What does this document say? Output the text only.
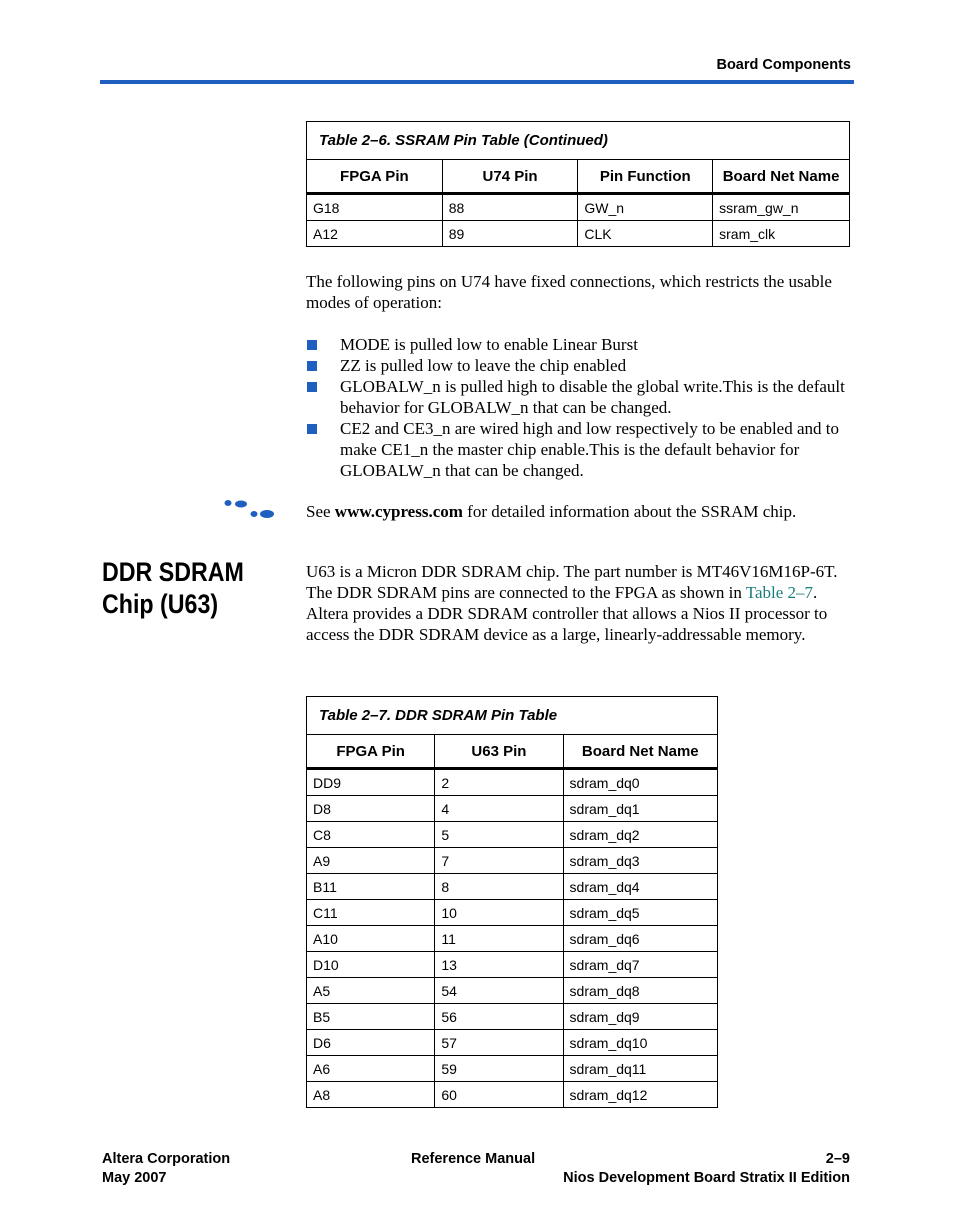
Board Components
Table 2–6. SSRAM Pin Table (Continued)			
FPGA Pin	U74 Pin	Pin Function	Board Net Name
G18	88	GW_n	ssram_gw_n
A12	89	CLK	sram_clk
The following pins on U74 have fixed connections, which restricts the usable modes of operation:
MODE is pulled low to enable Linear Burst
ZZ is pulled low to leave the chip enabled
GLOBALW_n is pulled high to disable the global write.This is the default behavior for GLOBALW_n that can be changed.
CE2 and CE3_n are wired high and low respectively to be enabled and to make CE1_n the master chip enable.This is the default behavior for GLOBALW_n that can be changed.
See www.cypress.com for detailed information about the SSRAM chip.
DDR SDRAM
Chip (U63)
U63 is a Micron DDR SDRAM chip. The part number is MT46V16M16P-6T. The DDR SDRAM pins are connected to the FPGA as shown in Table 2–7. Altera provides a DDR SDRAM controller that allows a Nios II processor to access the DDR SDRAM device as a large, linearly-addressable memory.
Table 2–7. DDR SDRAM Pin Table		
FPGA Pin	U63 Pin	Board Net Name
DD9	2	sdram_dq0
D8	4	sdram_dq1
C8	5	sdram_dq2
A9	7	sdram_dq3
B11	8	sdram_dq4
C11	10	sdram_dq5
A10	11	sdram_dq6
D10	13	sdram_dq7
A5	54	sdram_dq8
B5	56	sdram_dq9
D6	57	sdram_dq10
A6	59	sdram_dq11
A8	60	sdram_dq12
Altera Corporation
May 2007
Reference Manual	2–9
Nios Development Board Stratix II Edition
